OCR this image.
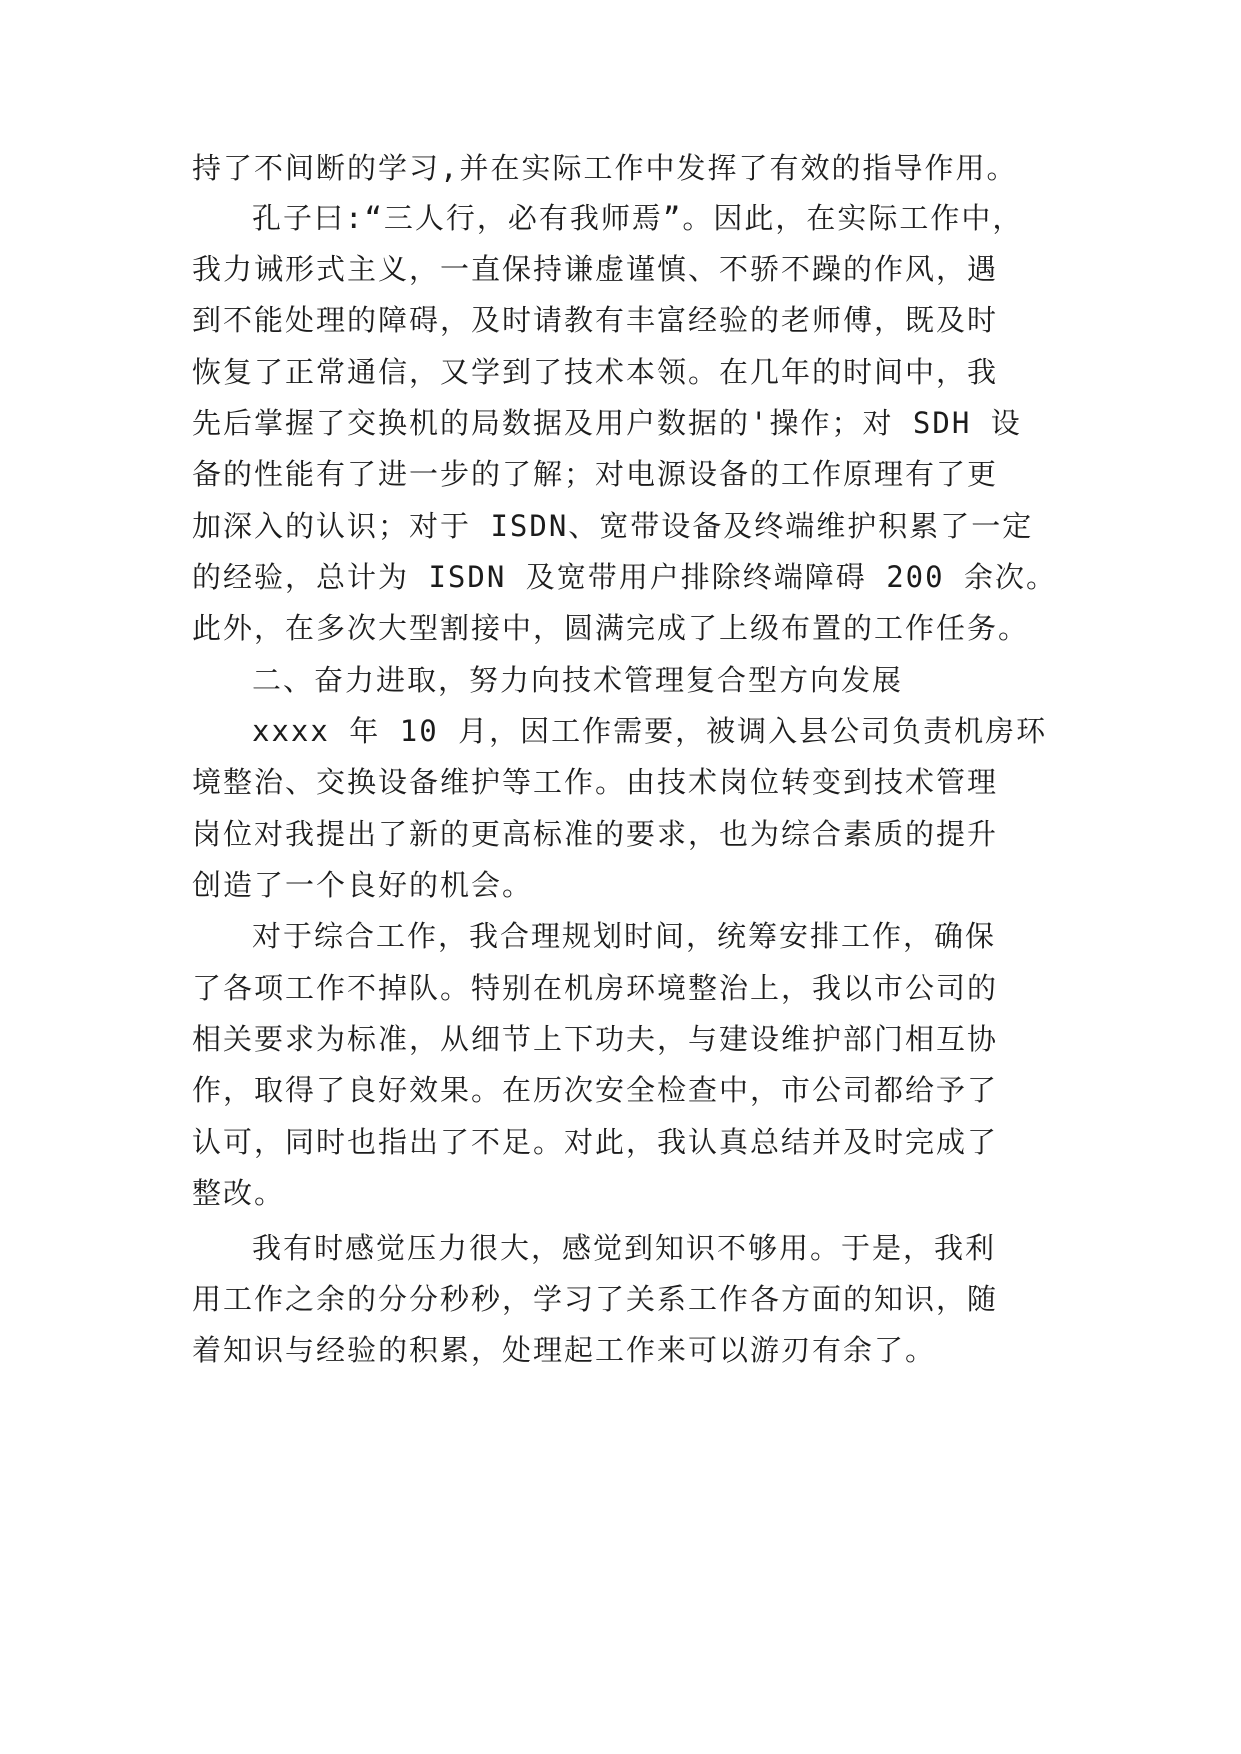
持了不间断的学习,并在实际工作中发挥了有效的指导作用。

孔子曰:“三人行，必有我师焉”。因此，在实际工作中，

我力诫形式主义，一直保持谦虚谨慎、不骄不躁的作风，遇

到不能处理的障碍，及时请教有丰富经验的老师傅，既及时

恢复了正常通信，又学到了技术本领。在几年的时间中，我

先后掌握了交换机的局数据及用户数据的'操作；对 SDH 设

备的性能有了进一步的了解；对电源设备的工作原理有了更

加深入的认识；对于 ISDN、宽带设备及终端维护积累了一定

的经验，总计为 ISDN 及宽带用户排除终端障碍 200 余次。

此外，在多次大型割接中，圆满完成了上级布置的工作任务。

二、奋力进取，努力向技术管理复合型方向发展

xxxx 年 10 月，因工作需要，被调入县公司负责机房环

境整治、交换设备维护等工作。由技术岗位转变到技术管理

岗位对我提出了新的更高标准的要求，也为综合素质的提升

创造了一个良好的机会。

对于综合工作，我合理规划时间，统筹安排工作，确保

了各项工作不掉队。特别在机房环境整治上，我以市公司的

相关要求为标准，从细节上下功夫，与建设维护部门相互协

作，取得了良好效果。在历次安全检查中，市公司都给予了

认可，同时也指出了不足。对此，我认真总结并及时完成了

整改。

我有时感觉压力很大，感觉到知识不够用。于是，我利

用工作之余的分分秒秒，学习了关系工作各方面的知识，随

着知识与经验的积累，处理起工作来可以游刃有余了。
